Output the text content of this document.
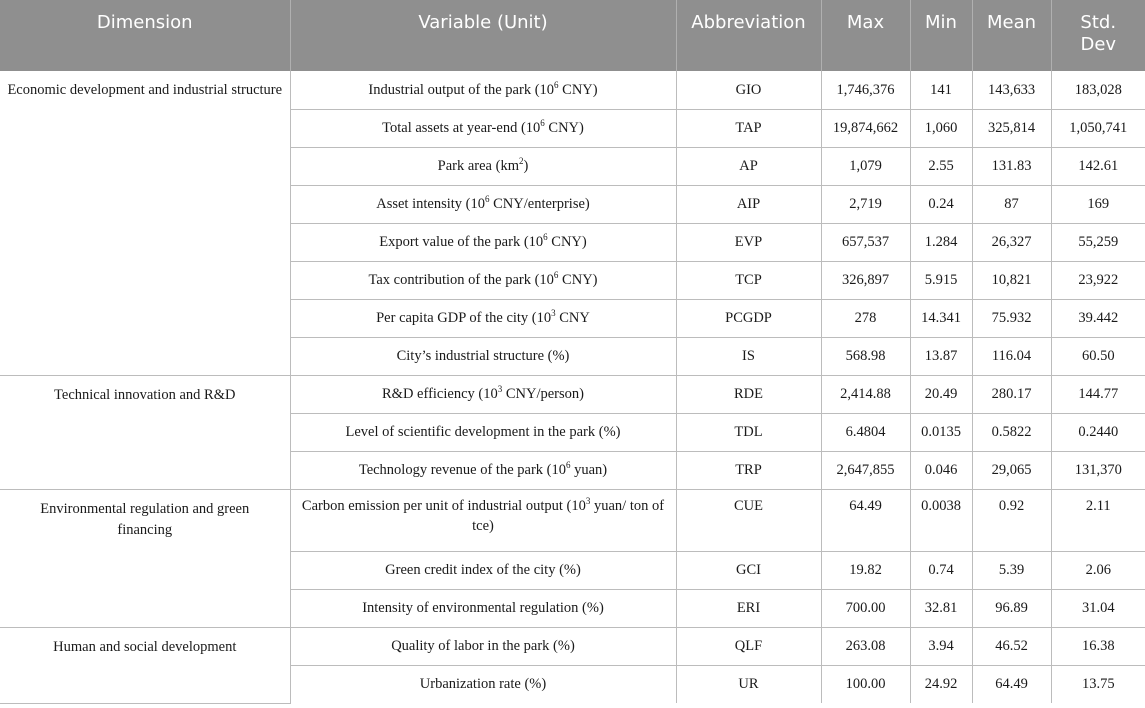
Dimension	Variable (Unit)	Abbreviation	Max	Min	Mean	Std. Dev
Economic development and industrial structure	Industrial output of the park ($10^6$ CNY)	GIO	1,746,376	141	143,633	183,028
	Total assets at year-end ($10^6$ CNY)	TAP	19,874,662	1,060	325,814	1,050,741
	Park area $(km^2)$	AP	1,079	2.55	131.83	142.61
	Asset intensity ($10^6$ CNY/enterprise)	AIP	2,719	0.24	87	169
	Export value of the park ($10^6$ CNY)	EVP	657,537	1.284	26,327	55,259
	Tax contribution of the park ($10^6$ CNY)	TCP	326,897	5.915	10,821	23,922
	Per capita GDP of the city ($10^3$ CNY	PCGDP	278	14.341	75.932	39.442
	City’s industrial structure (%)	IS	568.98	13.87	116.04	60.50
Technical innovation and R&D	R&D efficiency ($10^3$ CNY/person)	RDE	2,414.88	20.49	280.17	144.77
	Level of scientific development in the park (%)	TDL	6.4804	0.0135	0.5822	0.2440
	Technology revenue of the park ($10^6$ yuan)	TRP	2,647,855	0.046	29,065	131,370
Environmental regulation and green financing	Carbon emission per unit of industrial output ($10^3$ yuan/ ton of tce)	CUE	64.49	0.0038	0.92	2.11
	Green credit index of the city (%)	GCI	19.82	0.74	5.39	2.06
	Intensity of environmental regulation (%)	ERI	700.00	32.81	96.89	31.04
Human and social development	Quality of labor in the park (%)	QLF	263.08	3.94	46.52	16.38
	Urbanization rate (%)	UR	100.00	24.92	64.49	13.75
